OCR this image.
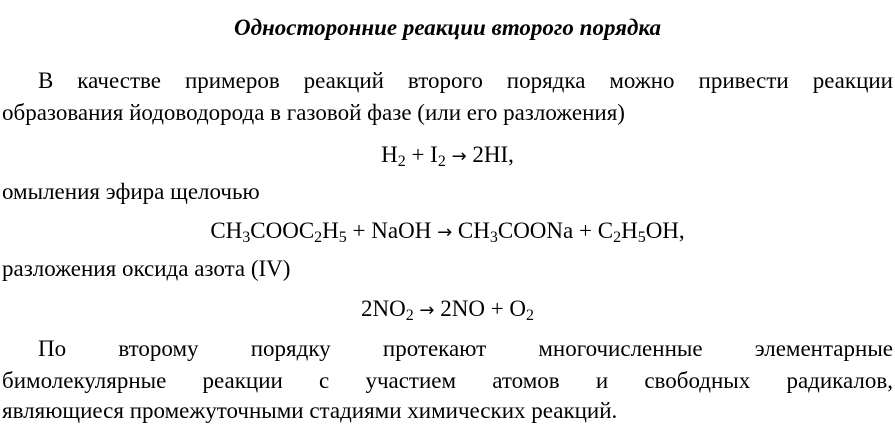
Односторонние реакции второго порядка
В качестве примеров реакций второго порядка можно привести реакции
образования йодоводорода в газовой фазе (или его разложения)
$H_2 + I_2 \to 2HI$,
омыления эфира щелочью
$CH_3COOC_2H_5$ + NaOH → $CH_3COONa + C_2H_5OH$,
разложения оксида азота (IV)
$2NO_2 \to 2NO + O_2$
По второму порядку протекают многочисленные элементарные
бимолекулярные реакции с участием атомов и свободных радикалов,
являющиеся промежуточными стадиями химических реакций.
